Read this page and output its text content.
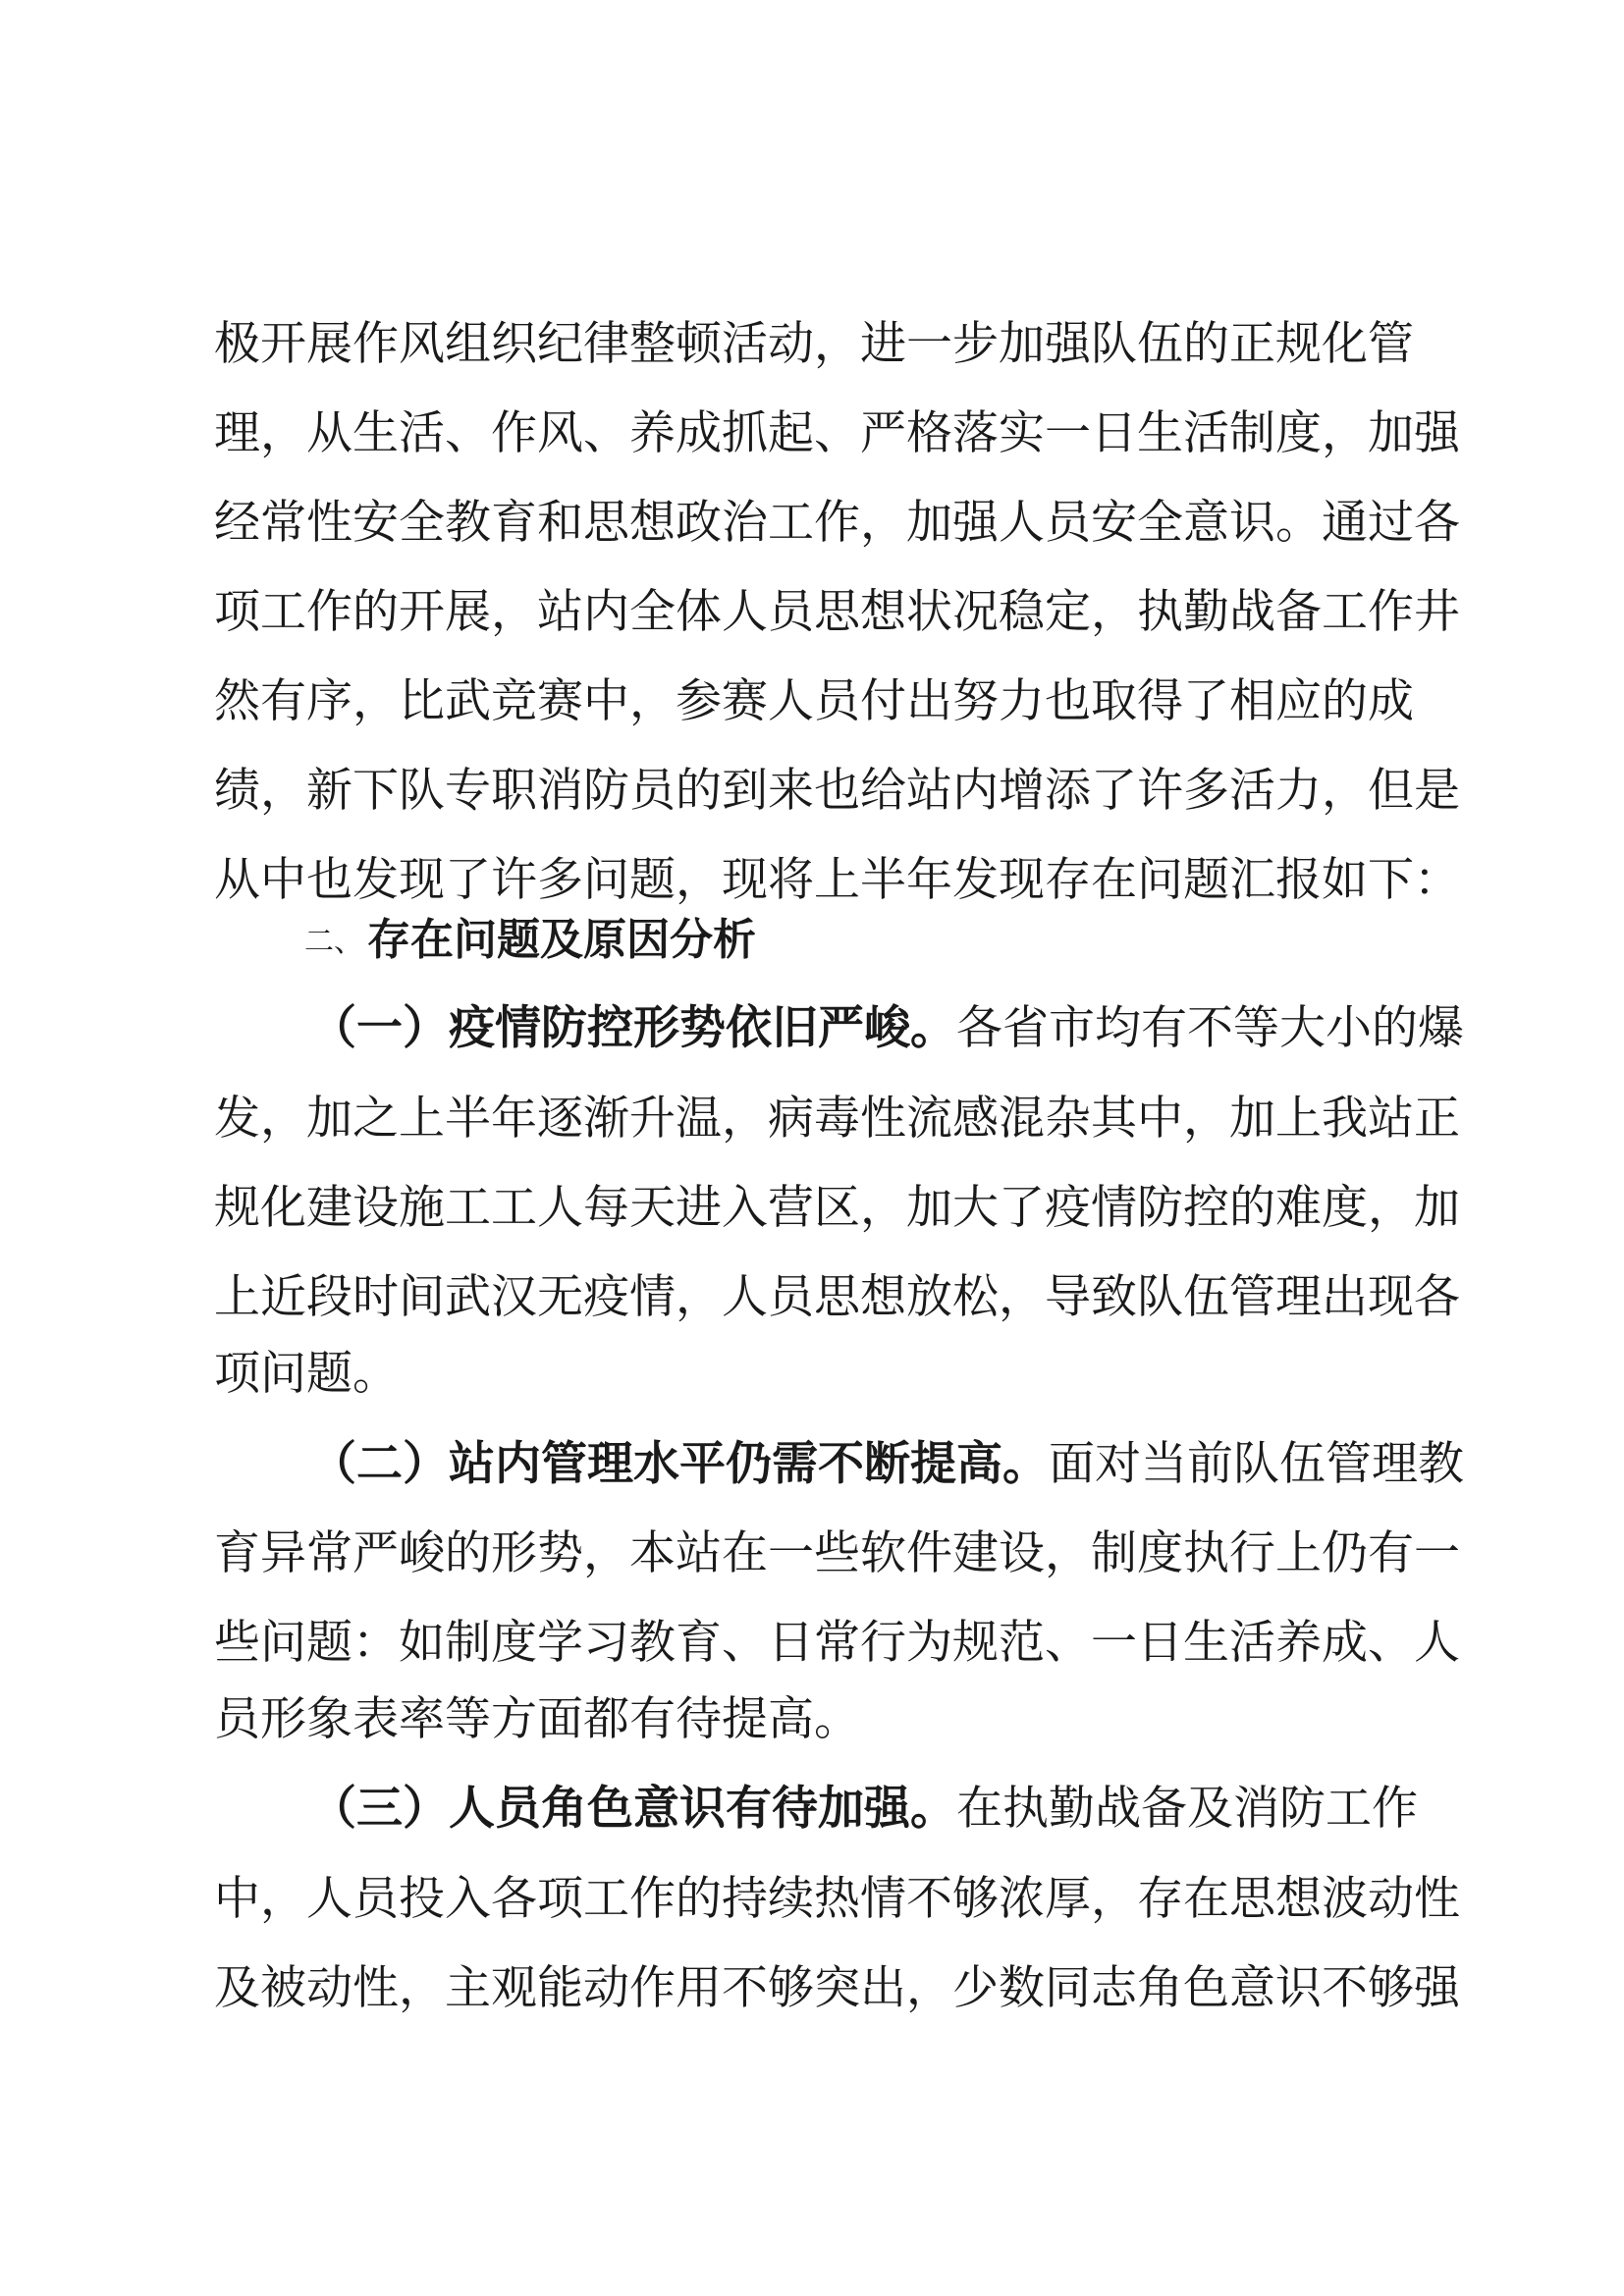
极开展作风组织纪律整顿活动，进一步加强队伍的正规化管
理，从生活、作风、养成抓起、严格落实一日生活制度，加强
经常性安全教育和思想政治工作，加强人员安全意识。通过各
项工作的开展，站内全体人员思想状况稳定，执勤战备工作井
然有序，比武竞赛中，参赛人员付出努力也取得了相应的成
绩，新下队专职消防员的到来也给站内增添了许多活力，但是
从中也发现了许多问题，现将上半年发现存在问题汇报如下：
二、存在问题及原因分析
（一）疫情防控形势依旧严峻。各省市均有不等大小的爆
发，加之上半年逐渐升温，病毒性流感混杂其中，加上我站正
规化建设施工工人每天进入营区，加大了疫情防控的难度，加
上近段时间武汉无疫情，人员思想放松，导致队伍管理出现各
项问题。
（二）站内管理水平仍需不断提高。面对当前队伍管理教
育异常严峻的形势，本站在一些软件建设，制度执行上仍有一
些问题：如制度学习教育、日常行为规范、一日生活养成、人
员形象表率等方面都有待提高。
（三）人员角色意识有待加强。在执勤战备及消防工作
中，人员投入各项工作的持续热情不够浓厚，存在思想波动性
及被动性，主观能动作用不够突出，少数同志角色意识不够强
